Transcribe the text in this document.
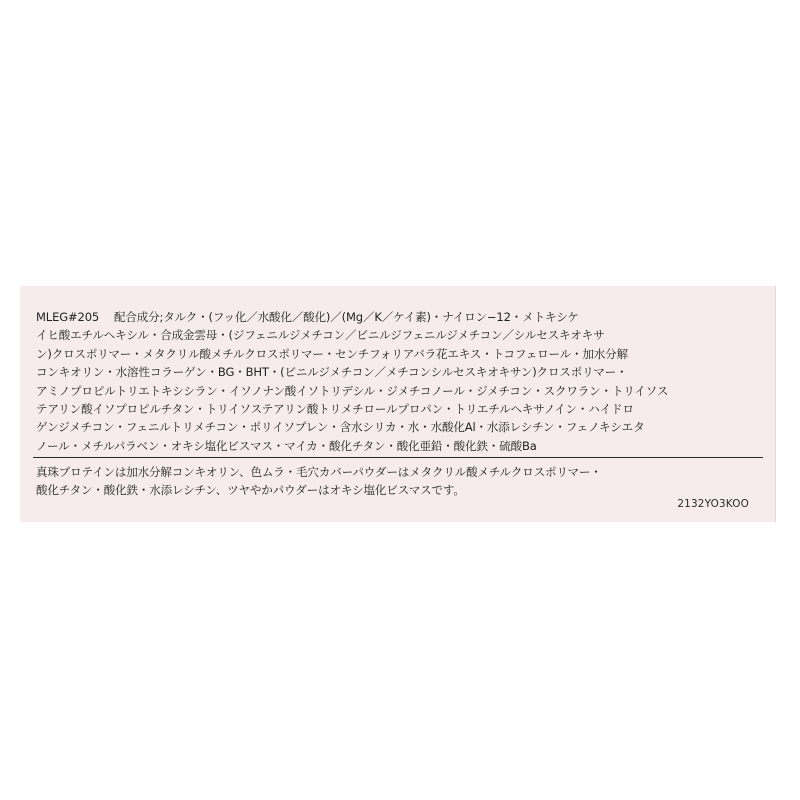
MLEG#205　 配合成分;タルク・(フッ化／水酸化／酸化)／(Mg／K／ケイ素)・ナイロン−12・メトキシケ
イヒ酸エチルヘキシル・合成金雲母・(ジフェニルジメチコン／ビニルジフェニルジメチコン／シルセスキオキサ
ン)クロスポリマー・メタクリル酸メチルクロスポリマー・センチフォリアバラ花エキス・トコフェロール・加水分解
コンキオリン・水溶性コラーゲン・BG・BHT・(ビニルジメチコン／メチコンシルセスキオキサン)クロスポリマー・
アミノプロピルトリエトキシシラン・イソノナン酸イソトリデシル・ジメチコノール・ジメチコン・スクワラン・トリイソス
テアリン酸イソプロピルチタン・トリイソステアリン酸トリメチロールプロパン・トリエチルヘキサノイン・ハイドロ
ゲンジメチコン・フェニルトリメチコン・ポリイソプレン・含水シリカ・水・水酸化Al・水添レシチン・フェノキシエタ
ノール・メチルパラベン・オキシ塩化ビスマス・マイカ・酸化チタン・酸化亜鉛・酸化鉄・硫酸Ba

真珠プロテインは加水分解コンキオリン、色ムラ・毛穴カバーパウダーはメタクリル酸メチルクロスポリマー・
酸化チタン・酸化鉄・水添レシチン、ツヤやかパウダーはオキシ塩化ビスマスです。

2132YO3KOO
